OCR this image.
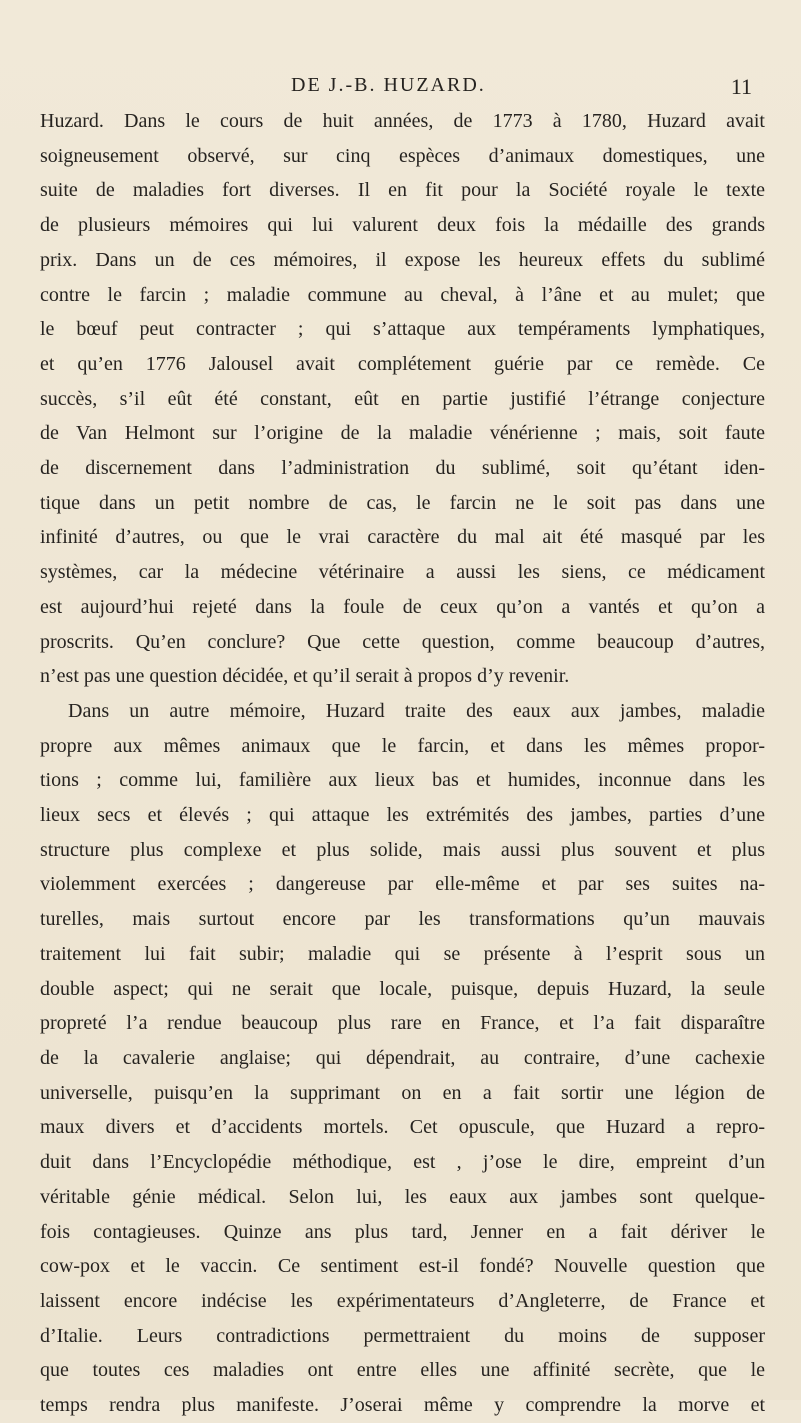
DE J.-B. HUZARD.	11
Huzard. Dans le cours de huit années, de 1773 à 1780, Huzard avait
soigneusement observé, sur cinq espèces d’animaux domestiques, une
suite de maladies fort diverses. Il en fit pour la Société royale le texte
de plusieurs mémoires qui lui valurent deux fois la médaille des grands
prix. Dans un de ces mémoires, il expose les heureux effets du sublimé
contre le farcin ; maladie commune au cheval, à l’âne et au mulet; que
le bœuf peut contracter ; qui s’attaque aux tempéraments lymphatiques,
et qu’en 1776 Jalousel avait complétement guérie par ce remède. Ce
succès, s’il eût été constant, eût en partie justifié l’étrange conjecture
de Van Helmont sur l’origine de la maladie vénérienne ; mais, soit faute
de discernement dans l’administration du sublimé, soit qu’étant iden-
tique dans un petit nombre de cas, le farcin ne le soit pas dans une
infinité d’autres, ou que le vrai caractère du mal ait été masqué par les
systèmes, car la médecine vétérinaire a aussi les siens, ce médicament
est aujourd’hui rejeté dans la foule de ceux qu’on a vantés et qu’on a
proscrits. Qu’en conclure? Que cette question, comme beaucoup d’autres,
n’est pas une question décidée, et qu’il serait à propos d’y revenir.
Dans un autre mémoire, Huzard traite des eaux aux jambes, maladie
propre aux mêmes animaux que le farcin, et dans les mêmes propor-
tions ; comme lui, familière aux lieux bas et humides, inconnue dans les
lieux secs et élevés ; qui attaque les extrémités des jambes, parties d’une
structure plus complexe et plus solide, mais aussi plus souvent et plus
violemment exercées ; dangereuse par elle-même et par ses suites na-
turelles, mais surtout encore par les transformations qu’un mauvais
traitement lui fait subir; maladie qui se présente à l’esprit sous un
double aspect; qui ne serait que locale, puisque, depuis Huzard, la seule
propreté l’a rendue beaucoup plus rare en France, et l’a fait disparaître
de la cavalerie anglaise; qui dépendrait, au contraire, d’une cachexie
universelle, puisqu’en la supprimant on en a fait sortir une légion de
maux divers et d’accidents mortels. Cet opuscule, que Huzard a repro-
duit dans l’Encyclopédie méthodique, est , j’ose le dire, empreint d’un
véritable génie médical. Selon lui, les eaux aux jambes sont quelque-
fois contagieuses. Quinze ans plus tard, Jenner en a fait dériver le
cow-pox et le vaccin. Ce sentiment est-il fondé? Nouvelle question que
laissent encore indécise les expérimentateurs d’Angleterre, de France et
d’Italie. Leurs contradictions permettraient du moins de supposer
que toutes ces maladies ont entre elles une affinité secrète, que le
temps rendra plus manifeste. J’oserai même y comprendre la morve et
